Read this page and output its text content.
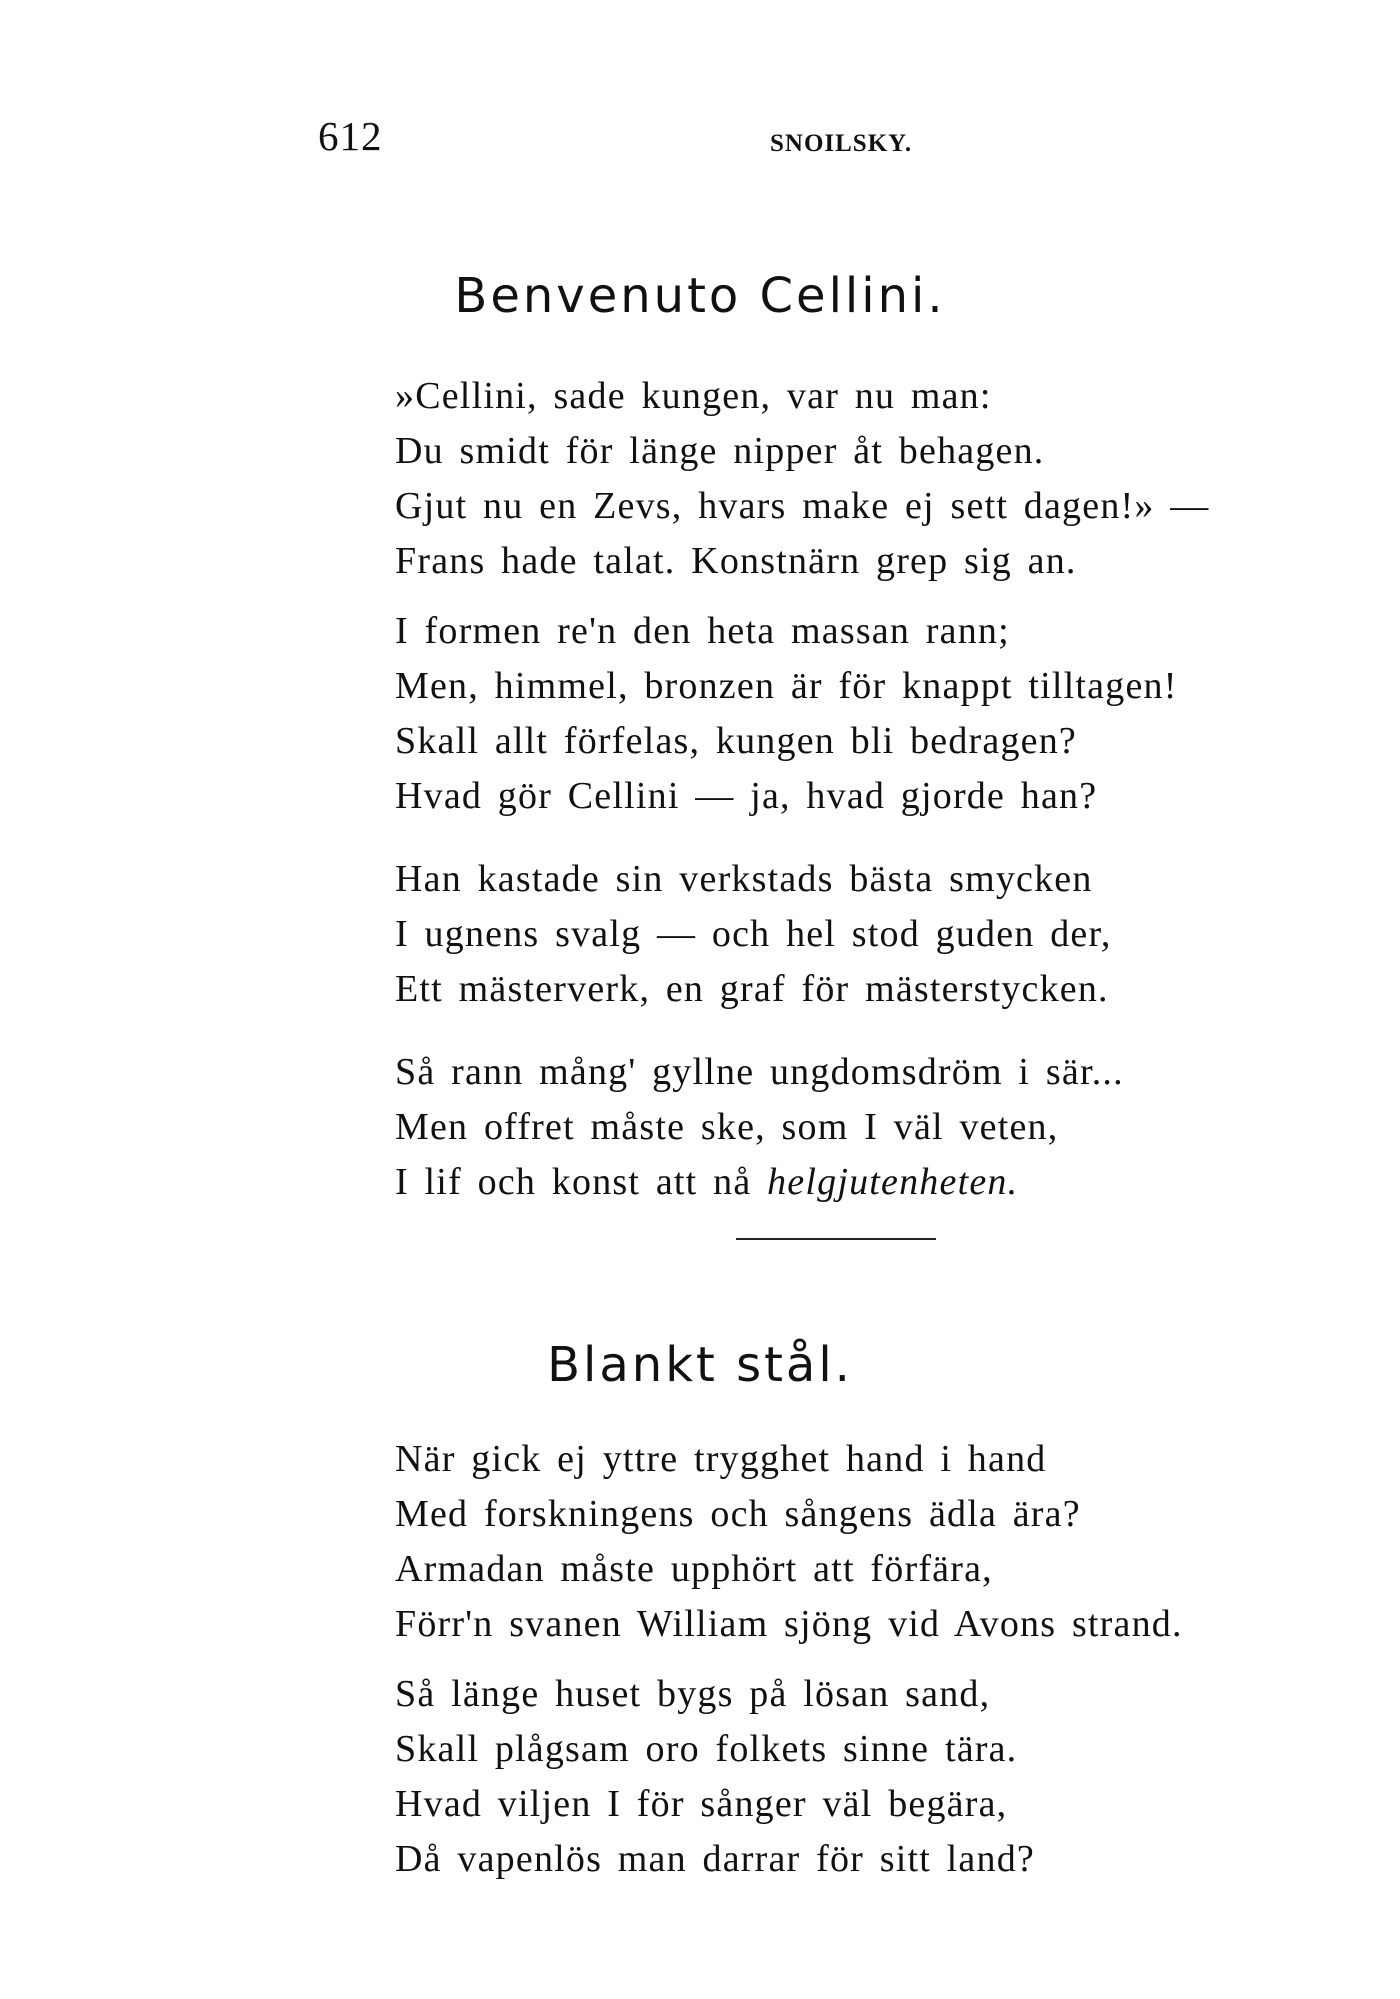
612	SNOILSKY.
Benvenuto Cellini.
»Cellini, sade kungen, var nu man:
Du smidt för länge nipper åt behagen.
Gjut nu en Zevs, hvars make ej sett dagen!» —
Frans hade talat. Konstnärn grep sig an.
I formen re'n den heta massan rann;
Men, himmel, bronzen är för knappt tilltagen!
Skall allt förfelas, kungen bli bedragen?
Hvad gör Cellini — ja, hvad gjorde han?
Han kastade sin verkstads bästa smycken
I ugnens svalg — och hel stod guden der,
Ett mästerverk, en graf för mästerstycken.
Så rann mång' gyllne ungdomsdröm i sär...
Men offret måste ske, som I väl veten,
I lif och konst att nå helgjutenheten.
Blankt stål.
När gick ej yttre trygghet hand i hand
Med forskningens och sångens ädla ära?
Armadan måste upphört att förfära,
Förr'n svanen William sjöng vid Avons strand.
Så länge huset bygs på lösan sand,
Skall plågsam oro folkets sinne tära.
Hvad viljen I för sånger väl begära,
Då vapenlös man darrar för sitt land?
